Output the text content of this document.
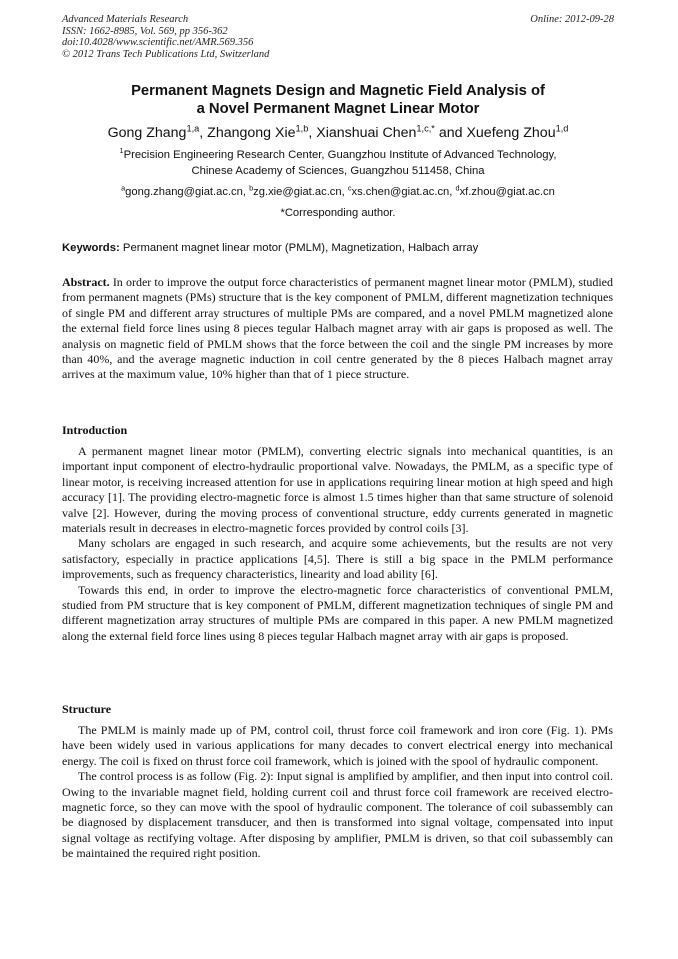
Advanced Materials Research
ISSN: 1662-8985, Vol. 569, pp 356-362
doi:10.4028/www.scientific.net/AMR.569.356
© 2012 Trans Tech Publications Ltd, Switzerland
Online: 2012-09-28
Permanent Magnets Design and Magnetic Field Analysis of
a Novel Permanent Magnet Linear Motor
Gong Zhang$^{1,a}$, Zhangong Xie$^{1,b}$, Xianshuai Chen$^{1,c,*}$ and Xuefeng Zhou$^{1,d}$
$^1$Precision Engineering Research Center, Guangzhou Institute of Advanced Technology,
Chinese Academy of Sciences, Guangzhou 511458, China
$^a$gong.zhang@giat.ac.cn, $^b$zg.xie@giat.ac.cn, $^c$xs.chen@giat.ac.cn, $^d$xf.zhou@giat.ac.cn
*Corresponding author.
Keywords: Permanent magnet linear motor (PMLM), Magnetization, Halbach array

Abstract. In order to improve the output force characteristics of permanent magnet linear motor (PMLM), studied from permanent magnets (PMs) structure that is the key component of PMLM, different magnetization techniques of single PM and different array structures of multiple PMs are compared, and a novel PMLM magnetized alone the external field force lines using 8 pieces tegular Halbach magnet array with air gaps is proposed as well. The analysis on magnetic field of PMLM shows that the force between the coil and the single PM increases by more than 40%, and the average magnetic induction in coil centre generated by the 8 pieces Halbach magnet array arrives at the maximum value, 10% higher than that of 1 piece structure.

Introduction

A permanent magnet linear motor (PMLM), converting electric signals into mechanical quantities, is an important input component of electro-hydraulic proportional valve. Nowadays, the PMLM, as a specific type of linear motor, is receiving increased attention for use in applications requiring linear motion at high speed and high accuracy [1]. The providing electro-magnetic force is almost 1.5 times higher than that same structure of solenoid valve [2]. However, during the moving process of conventional structure, eddy currents generated in magnetic materials result in decreases in electro-magnetic forces provided by control coils [3].

Many scholars are engaged in such research, and acquire some achievements, but the results are not very satisfactory, especially in practice applications [4,5]. There is still a big space in the PMLM performance improvements, such as frequency characteristics, linearity and load ability [6].

Towards this end, in order to improve the electro-magnetic force characteristics of conventional PMLM, studied from PM structure that is key component of PMLM, different magnetization techniques of single PM and different magnetization array structures of multiple PMs are compared in this paper. A new PMLM magnetized along the external field force lines using 8 pieces tegular Halbach magnet array with air gaps is proposed.

Structure

The PMLM is mainly made up of PM, control coil, thrust force coil framework and iron core (Fig. 1). PMs have been widely used in various applications for many decades to convert electrical energy into mechanical energy. The coil is fixed on thrust force coil framework, which is joined with the spool of hydraulic component.

The control process is as follow (Fig. 2): Input signal is amplified by amplifier, and then input into control coil. Owing to the invariable magnet field, holding current coil and thrust force coil framework are received electro-magnetic force, so they can move with the spool of hydraulic component. The tolerance of coil subassembly can be diagnosed by displacement transducer, and then is transformed into signal voltage, compensated into input signal voltage as rectifying voltage. After disposing by amplifier, PMLM is driven, so that coil subassembly can be maintained the required right position.
